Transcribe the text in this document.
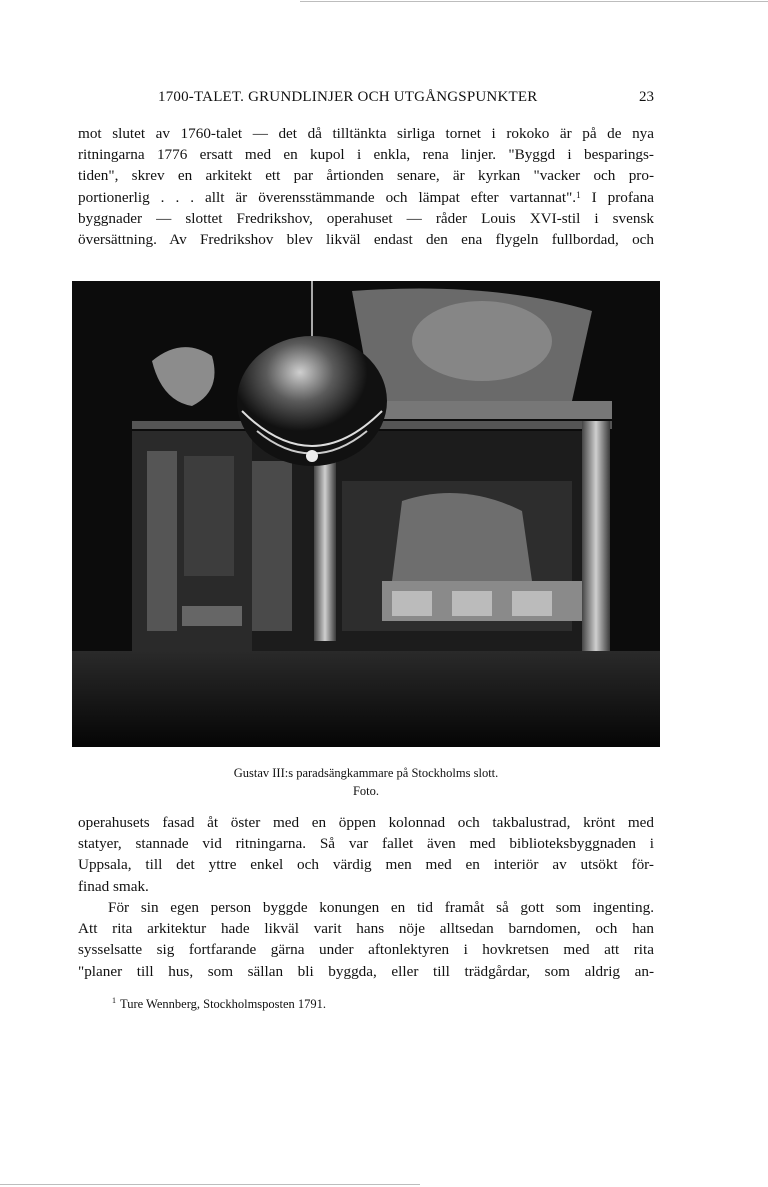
1700-TALET. GRUNDLINJER OCH UTGÅNGSPUNKTER	23
mot slutet av 1760-talet — det då tilltänkta sirliga tornet i rokoko är på de nya
ritningarna 1776 ersatt med en kupol i enkla, rena linjer. "Byggd i besparings-
tiden", skrev en arkitekt ett par årtionden senare, är kyrkan "vacker och pro-
portionerlig . . . allt är överensstämmande och lämpat efter vartannat".$^1$ I profana
byggnader — slottet Fredrikshov, operahuset — råder Louis XVI-stil i svensk
översättning. Av Fredrikshov blev likväl endast den ena flygeln fullbordad, och
Gustav III:s paradsängkammare på Stockholms slott.
Foto.
operahusets fasad åt öster med en öppen kolonnad och takbalustrad, krönt med
statyer, stannade vid ritningarna. Så var fallet även med biblioteksbyggnaden i
Uppsala, till det yttre enkel och värdig men med en interiör av utsökt för-
finad smak.
För sin egen person byggde konungen en tid framåt så gott som ingenting.
Att rita arkitektur hade likväl varit hans nöje alltsedan barndomen, och han
sysselsatte sig fortfarande gärna under aftonlektyren i hovkretsen med att rita
"planer till hus, som sällan bli byggda, eller till trädgårdar, som aldrig an-
$^1$ Ture Wennberg, Stockholmsposten 1791.
